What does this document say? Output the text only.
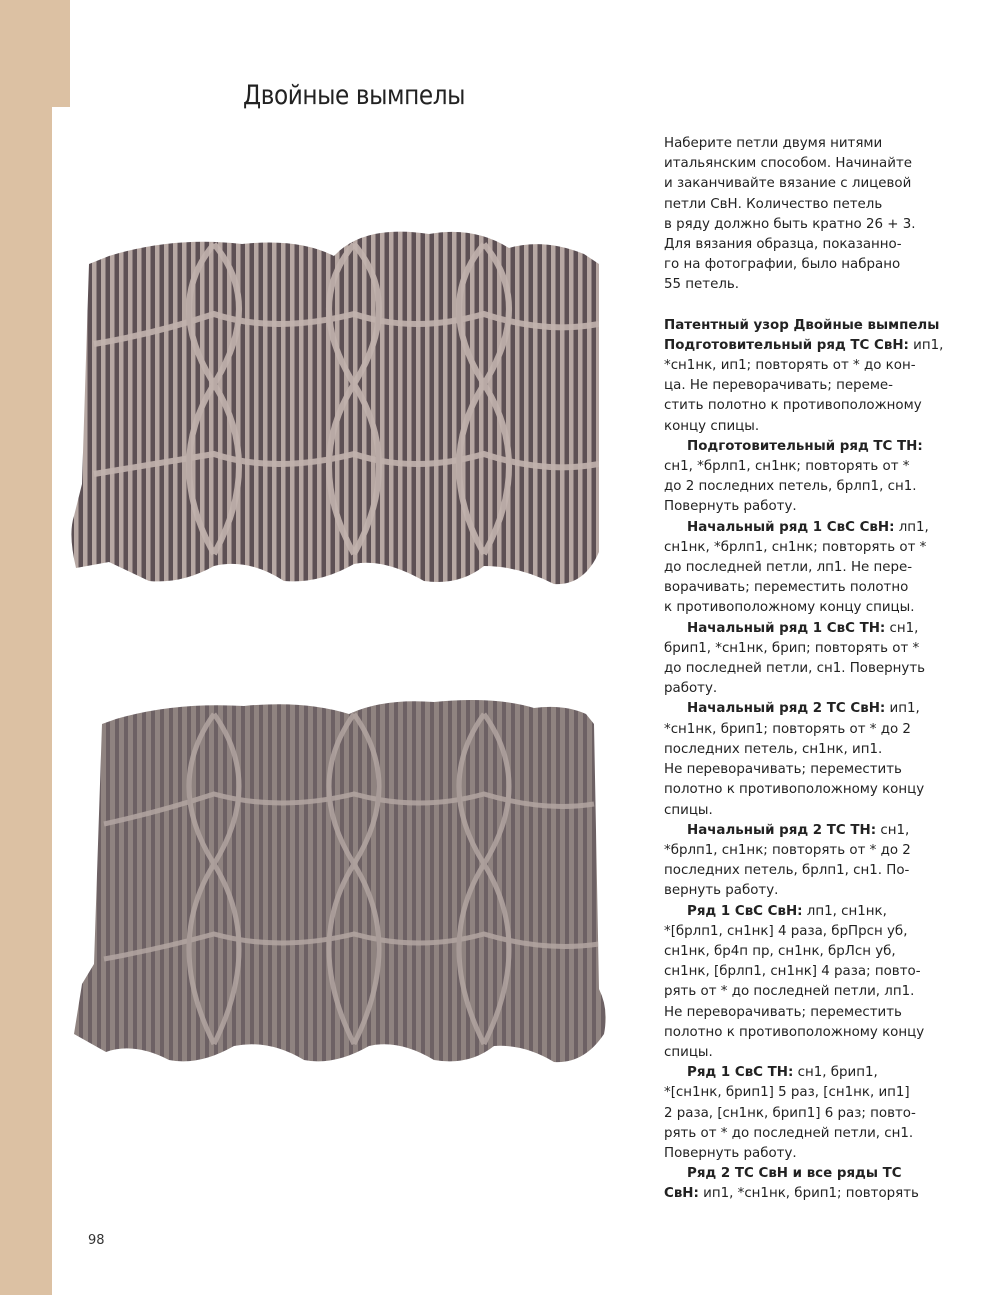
Двойные вымпелы
Наберите петли двумя нитями
итальянским способом. Начинайте
и заканчивайте вязание с лицевой
петли СвН. Количество петель
в ряду должно быть кратно 26 + 3.
Для вязания образца, показанно-
го на фотографии, было набрано
55 петель.
Патентный узор Двойные вымпелы
Подготовительный ряд ТС СвН: ип1,
*сн1нк, ип1; повторять от * до кон-
ца. Не переворачивать; переме-
стить полотно к противоположному
концу спицы.
Подготовительный ряд ТС ТН:
сн1, *брлп1, сн1нк; повторять от *
до 2 последних петель, брлп1, сн1.
Повернуть работу.
Начальный ряд 1 СвС СвН: лп1,
сн1нк, *брлп1, сн1нк; повторять от *
до последней петли, лп1. Не пере-
ворачивать; переместить полотно
к противоположному концу спицы.
Начальный ряд 1 СвС ТН: сн1,
брип1, *сн1нк, брип; повторять от *
до последней петли, сн1. Повернуть
работу.
Начальный ряд 2 ТС СвН: ип1,
*сн1нк, брип1; повторять от * до 2
последних петель, сн1нк, ип1.
Не переворачивать; переместить
полотно к противоположному концу
спицы.
Начальный ряд 2 ТС ТН: сн1,
*брлп1, сн1нк; повторять от * до 2
последних петель, брлп1, сн1. По-
вернуть работу.
Ряд 1 СвС СвН: лп1, сн1нк,
*[брлп1, сн1нк] 4 раза, брПрсн уб,
сн1нк, бр4п пр, сн1нк, брЛсн уб,
сн1нк, [брлп1, сн1нк] 4 раза; повто-
рять от * до последней петли, лп1.
Не переворачивать; переместить
полотно к противоположному концу
спицы.
Ряд 1 СвС ТН: сн1, брип1,
*[сн1нк, брип1] 5 раз, [сн1нк, ип1]
2 раза, [сн1нк, брип1] 6 раз; повто-
рять от * до последней петли, сн1.
Повернуть работу.
Ряд 2 ТС СвН и все ряды ТС
СвН: ип1, *сн1нк, брип1; повторять
98
